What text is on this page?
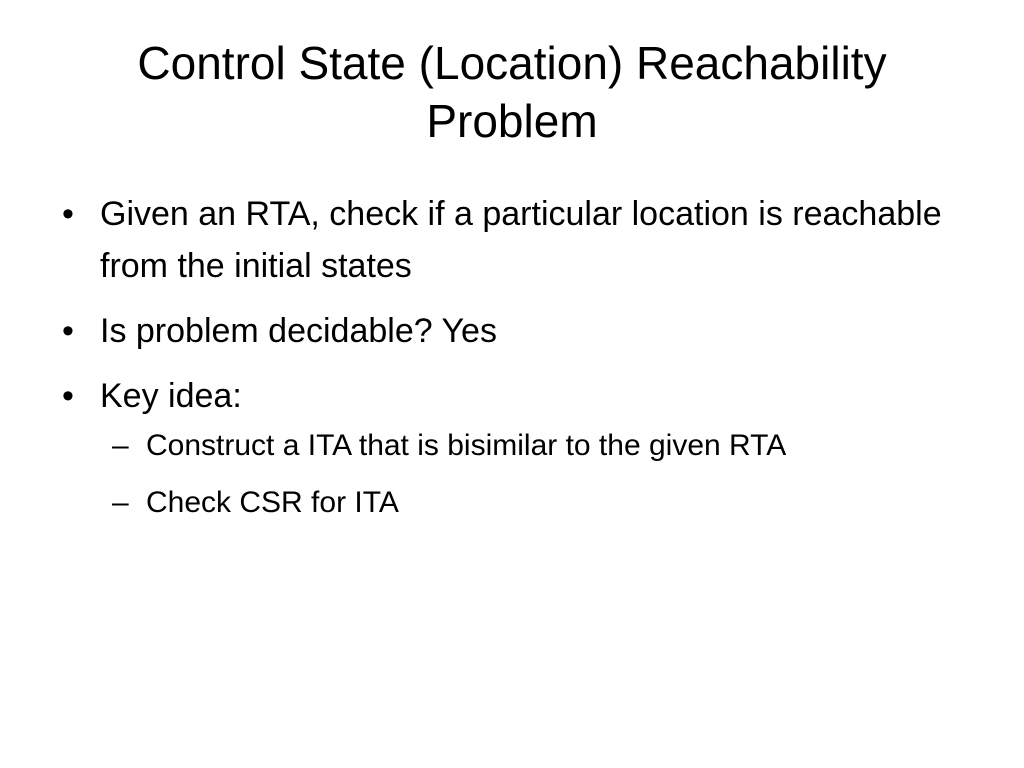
Control State (Location) Reachability Problem
• Given an RTA, check if a particular location is reachable from the initial states
• Is problem decidable? Yes
• Key idea:
– Construct a ITA that is bisimilar to the given RTA
– Check CSR for ITA
